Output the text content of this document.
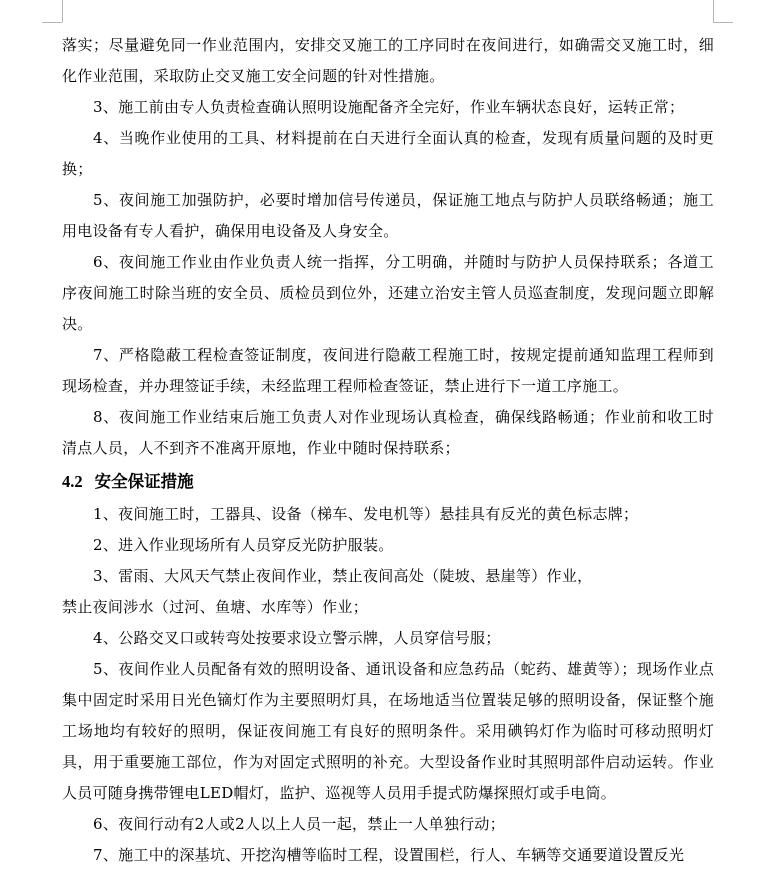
落实；尽量避免同一作业范围内，安排交叉施工的工序同时在夜间进行，如确需交叉施工时，细化作业范围，采取防止交叉施工安全问题的针对性措施。

3、施工前由专人负责检查确认照明设施配备齐全完好，作业车辆状态良好，运转正常；

4、当晚作业使用的工具、材料提前在白天进行全面认真的检查，发现有质量问题的及时更换；

5、夜间施工加强防护，必要时增加信号传递员，保证施工地点与防护人员联络畅通；施工用电设备有专人看护，确保用电设备及人身安全。

6、夜间施工作业由作业负责人统一指挥，分工明确，并随时与防护人员保持联系；各道工序夜间施工时除当班的安全员、质检员到位外，还建立治安主管人员巡查制度，发现问题立即解决。

7、严格隐蔽工程检查签证制度，夜间进行隐蔽工程施工时，按规定提前通知监理工程师到现场检查，并办理签证手续，未经监理工程师检查签证，禁止进行下一道工序施工。

8、夜间施工作业结束后施工负责人对作业现场认真检查，确保线路畅通；作业前和收工时清点人员，人不到齐不准离开原地，作业中随时保持联系；

4.2 安全保证措施

1、夜间施工时，工器具、设备（梯车、发电机等）悬挂具有反光的黄色标志牌；

2、进入作业现场所有人员穿反光防护服装。

3、雷雨、大风天气禁止夜间作业，禁止夜间高处（陡坡、悬崖等）作业，

禁止夜间涉水（过河、鱼塘、水库等）作业；

4、公路交叉口或转弯处按要求设立警示牌，人员穿信号服；

5、夜间作业人员配备有效的照明设备、通讯设备和应急药品（蛇药、雄黄等）；现场作业点集中固定时采用日光色镝灯作为主要照明灯具，在场地适当位置装足够的照明设备，保证整个施工场地均有较好的照明，保证夜间施工有良好的照明条件。采用碘钨灯作为临时可移动照明灯具，用于重要施工部位，作为对固定式照明的补充。大型设备作业时其照明部件启动运转。作业人员可随身携带锂电LED帽灯，监护、巡视等人员用手提式防爆探照灯或手电筒。

6、夜间行动有2人或2人以上人员一起，禁止一人单独行动；

7、施工中的深基坑、开挖沟槽等临时工程，设置围栏，行人、车辆等交通要道设置反光
